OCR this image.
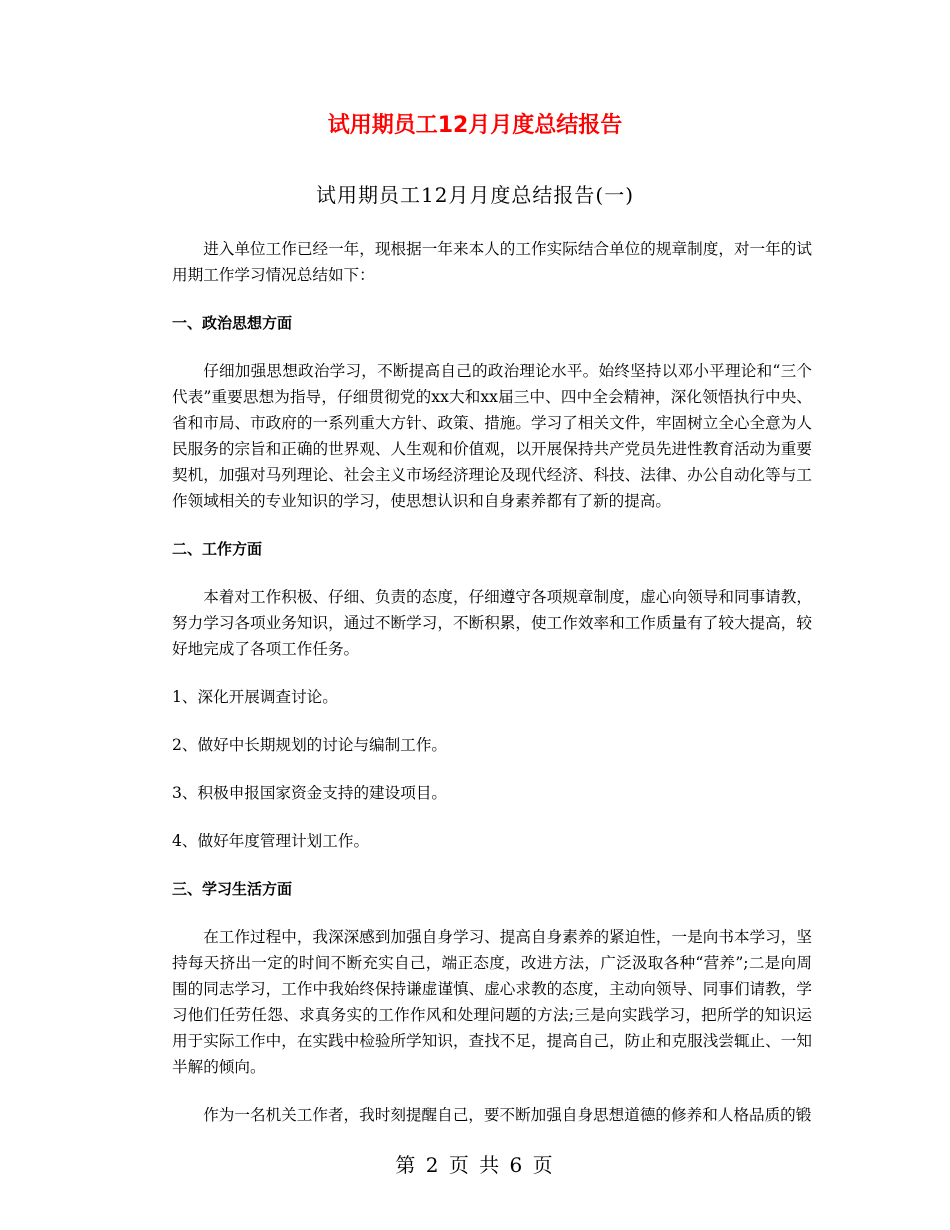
试用期员工12月月度总结报告
试用期员工12月月度总结报告(一)

进入单位工作已经一年，现根据一年来本人的工作实际结合单位的规章制度，对一年的试用期工作学习情况总结如下：

一、政治思想方面

仔细加强思想政治学习，不断提高自己的政治理论水平。始终坚持以邓小平理论和“三个代表”重要思想为指导，仔细贯彻党的xx大和xx届三中、四中全会精神，深化领悟执行中央、省和市局、市政府的一系列重大方针、政策、措施。学习了相关文件，牢固树立全心全意为人民服务的宗旨和正确的世界观、人生观和价值观，以开展保持共产党员先进性教育活动为重要契机，加强对马列理论、社会主义市场经济理论及现代经济、科技、法律、办公自动化等与工作领域相关的专业知识的学习，使思想认识和自身素养都有了新的提高。

二、工作方面

本着对工作积极、仔细、负责的态度，仔细遵守各项规章制度，虚心向领导和同事请教，努力学习各项业务知识，通过不断学习，不断积累，使工作效率和工作质量有了较大提高，较好地完成了各项工作任务。

1、深化开展调查讨论。

2、做好中长期规划的讨论与编制工作。

3、积极申报国家资金支持的建设项目。

4、做好年度管理计划工作。

三、学习生活方面

在工作过程中，我深深感到加强自身学习、提高自身素养的紧迫性，一是向书本学习，坚持每天挤出一定的时间不断充实自己，端正态度，改进方法，广泛汲取各种“营养”;二是向周围的同志学习，工作中我始终保持谦虚谨慎、虚心求教的态度，主动向领导、同事们请教，学习他们任劳任怨、求真务实的工作作风和处理问题的方法;三是向实践学习，把所学的知识运用于实际工作中，在实践中检验所学知识，查找不足，提高自己，防止和克服浅尝辄止、一知半解的倾向。

作为一名机关工作者，我时刻提醒自己，要不断加强自身思想道德的修养和人格品质的锻

第 2 页 共 6 页
